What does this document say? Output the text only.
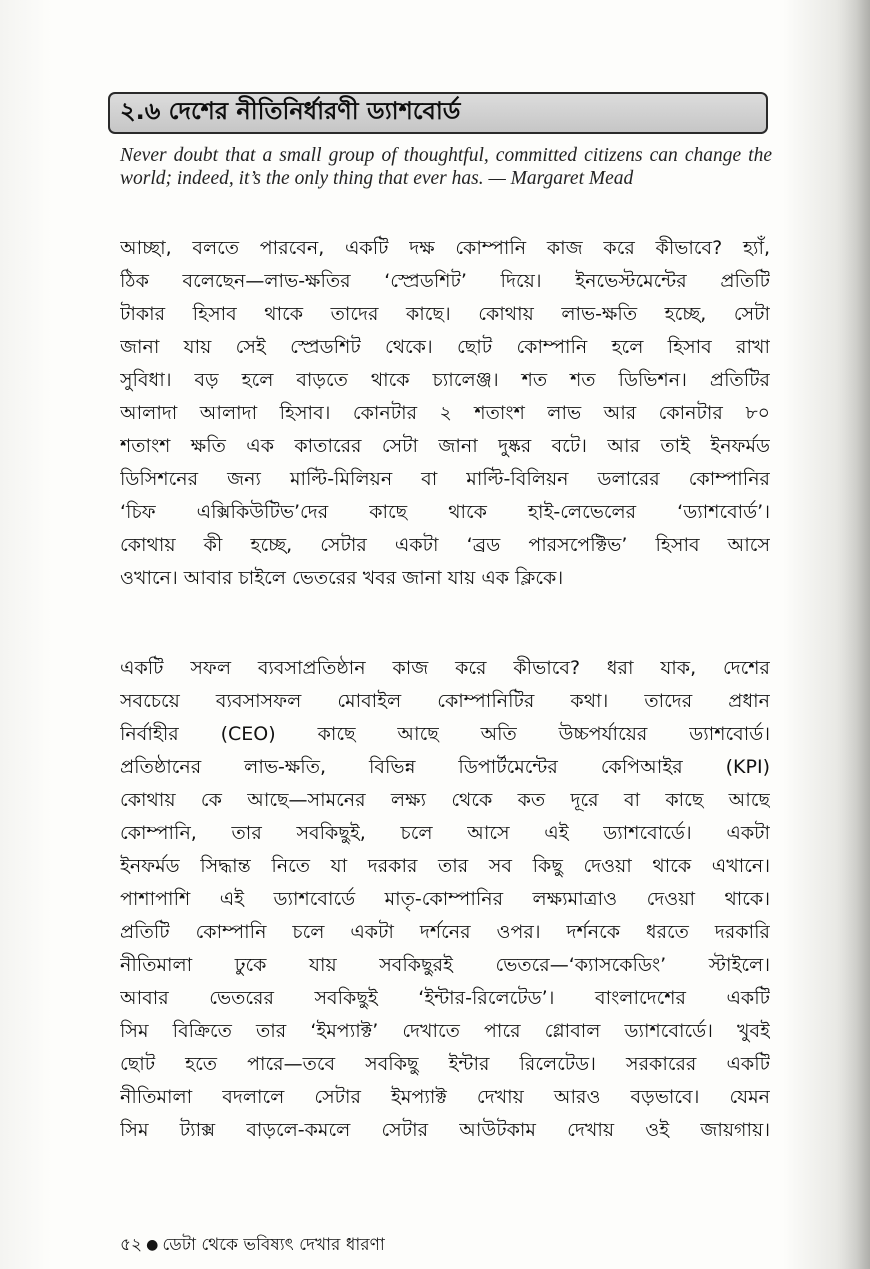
২.৬ দেশের নীতিনির্ধারণী ড্যাশবোর্ড
Never doubt that a small group of thoughtful, committed citizens can change the world; indeed, it’s the only thing that ever has. — Margaret Mead
আচ্ছা, বলতে পারবেন, একটি দক্ষ কোম্পানি কাজ করে কীভাবে? হ্যাঁ,
ঠিক বলেছেন—লাভ-ক্ষতির ‘স্প্রেডশিট’ দিয়ে। ইনভেস্টমেন্টের প্রতিটি
টাকার হিসাব থাকে তাদের কাছে। কোথায় লাভ-ক্ষতি হচ্ছে, সেটা
জানা যায় সেই স্প্রেডশিট থেকে। ছোট কোম্পানি হলে হিসাব রাখা
সুবিধা। বড় হলে বাড়তে থাকে চ্যালেঞ্জ। শত শত ডিভিশন। প্রতিটির
আলাদা আলাদা হিসাব। কোনটার ২ শতাংশ লাভ আর কোনটার ৮০
শতাংশ ক্ষতি এক কাতারের সেটা জানা দুষ্কর বটে। আর তাই ইনফর্মড
ডিসিশনের জন্য মাল্টি-মিলিয়ন বা মাল্টি-বিলিয়ন ডলারের কোম্পানির
‘চিফ এক্সিকিউটিভ’দের কাছে থাকে হাই-লেভেলের ‘ড্যাশবোর্ড’।
কোথায় কী হচ্ছে, সেটার একটা ‘ব্রড পারসপেক্টিভ’ হিসাব আসে
ওখানে। আবার চাইলে ভেতরের খবর জানা যায় এক ক্লিকে।
একটি সফল ব্যবসাপ্রতিষ্ঠান কাজ করে কীভাবে? ধরা যাক, দেশের
সবচেয়ে ব্যবসাসফল মোবাইল কোম্পানিটির কথা। তাদের প্রধান
নির্বাহীর (CEO) কাছে আছে অতি উচ্চপর্যায়ের ড্যাশবোর্ড।
প্রতিষ্ঠানের লাভ-ক্ষতি, বিভিন্ন ডিপার্টমেন্টের কেপিআইর (KPI)
কোথায় কে আছে—সামনের লক্ষ্য থেকে কত দূরে বা কাছে আছে
কোম্পানি, তার সবকিছুই, চলে আসে এই ড্যাশবোর্ডে। একটা
ইনফর্মড সিদ্ধান্ত নিতে যা দরকার তার সব কিছু দেওয়া থাকে এখানে।
পাশাপাশি এই ড্যাশবোর্ডে মাতৃ-কোম্পানির লক্ষ্যমাত্রাও দেওয়া থাকে।
প্রতিটি কোম্পানি চলে একটা দর্শনের ওপর। দর্শনকে ধরতে দরকারি
নীতিমালা ঢুকে যায় সবকিছুরই ভেতরে—‘ক্যাসকেডিং’ স্টাইলে।
আবার ভেতরের সবকিছুই ‘ইন্টার-রিলেটেড’। বাংলাদেশের একটি
সিম বিক্রিতে তার ‘ইমপ্যাক্ট’ দেখাতে পারে গ্লোবাল ড্যাশবোর্ডে। খুবই
ছোট হতে পারে—তবে সবকিছু ইন্টার রিলেটেড। সরকারের একটি
নীতিমালা বদলালে সেটার ইমপ্যাক্ট দেখায় আরও বড়ভাবে। যেমন
সিম ট্যাক্স বাড়লে-কমলে সেটার আউটকাম দেখায় ওই জায়গায়।
৫২ ● ডেটা থেকে ভবিষ্যৎ দেখার ধারণা
